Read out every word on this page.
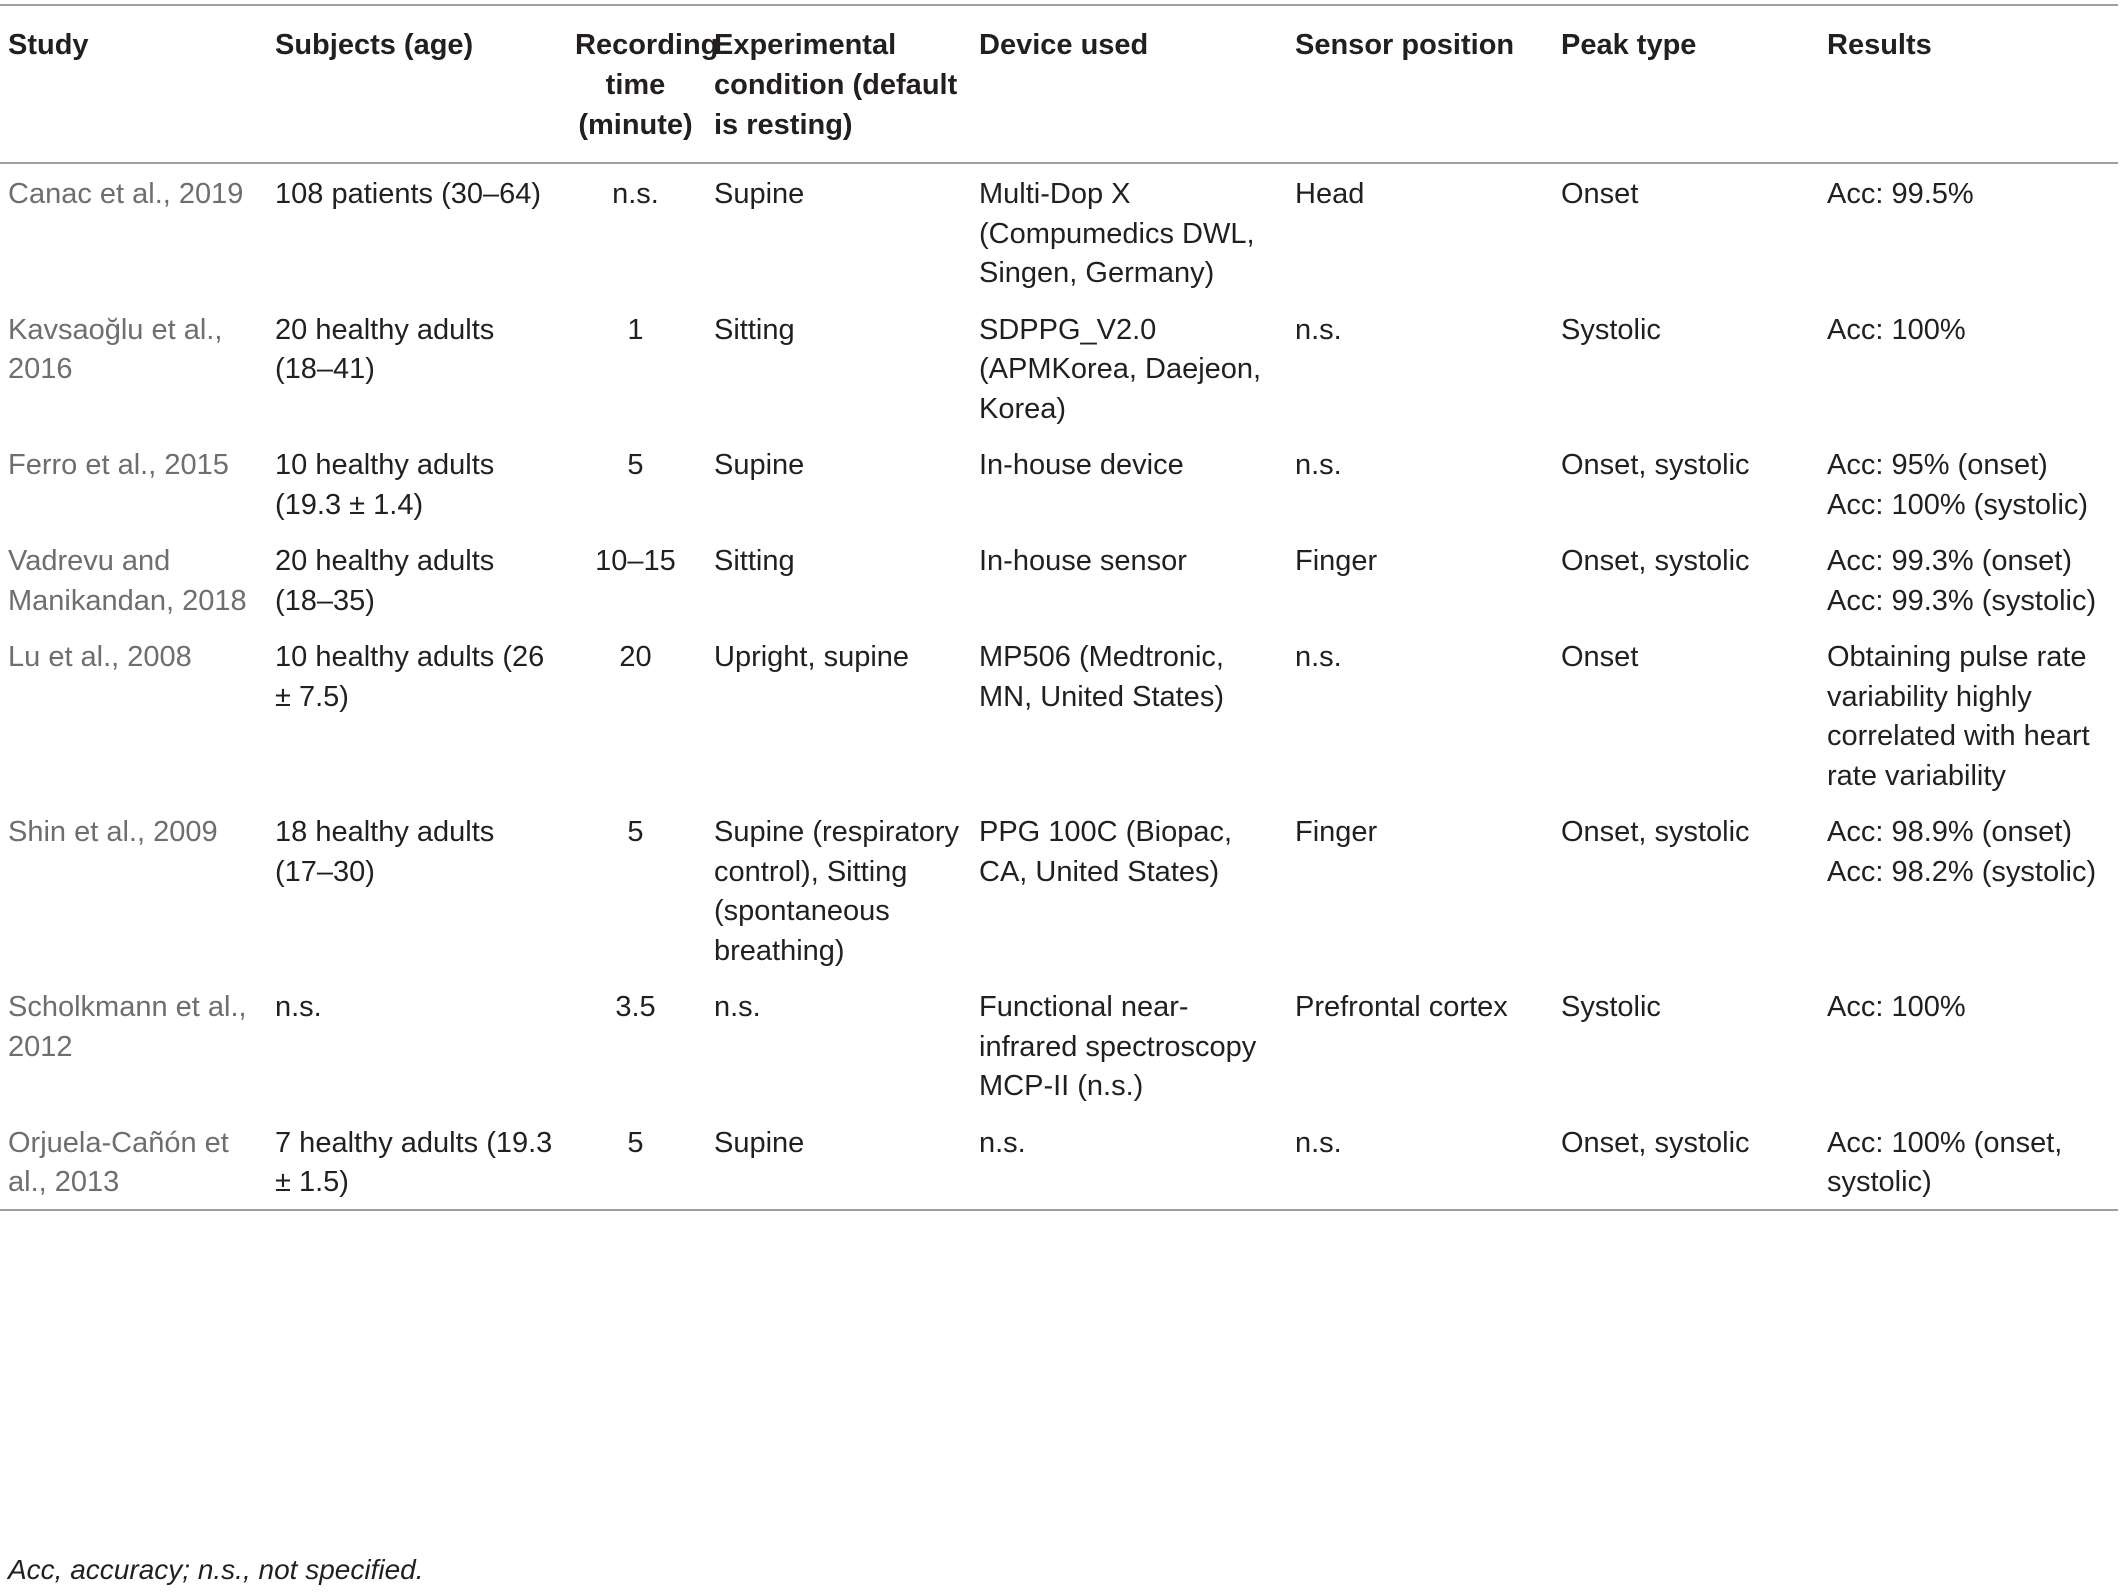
Study	Subjects (age)	Recording time (minute)	Experimental condition (default is resting)	Device used	Sensor position	Peak type	Results
Canac et al., 2019	108 patients (30–64)	n.s.	Supine	Multi-Dop X (Compumedics DWL, Singen, Germany)	Head	Onset	Acc: 99.5%

Kavsaoğlu et al., 2016	20 healthy adults (18–41)	1	Sitting	SDPPG_V2.0 (APMKorea, Daejeon, Korea)	n.s.	Systolic	Acc: 100%

Ferro et al., 2015	10 healthy adults (19.3 ± 1.4)	5	Supine	In-house device	n.s.	Onset, systolic	Acc: 95% (onset)
Acc: 100% (systolic)

Vadrevu and Manikandan, 2018	20 healthy adults (18–35)	10–15	Sitting	In-house sensor	Finger	Onset, systolic	Acc: 99.3% (onset)
Acc: 99.3% (systolic)

Lu et al., 2008	10 healthy adults (26 ± 7.5)	20	Upright, supine	MP506 (Medtronic, MN, United States)	n.s.	Onset	Obtaining pulse rate variability highly correlated with heart rate variability

Shin et al., 2009	18 healthy adults (17–30)	5	Supine (respiratory control), Sitting (spontaneous breathing)	PPG 100C (Biopac, CA, United States)	Finger	Onset, systolic	Acc: 98.9% (onset)
Acc: 98.2% (systolic)

Scholkmann et al., 2012	n.s.	3.5	n.s.	Functional near-infrared spectroscopy MCP-II (n.s.)	Prefrontal cortex	Systolic	Acc: 100%

Orjuela-Cañón et al., 2013	7 healthy adults (19.3 ± 1.5)	5	Supine	n.s.	n.s.	Onset, systolic	Acc: 100% (onset, systolic)
Acc, accuracy; n.s., not specified.
